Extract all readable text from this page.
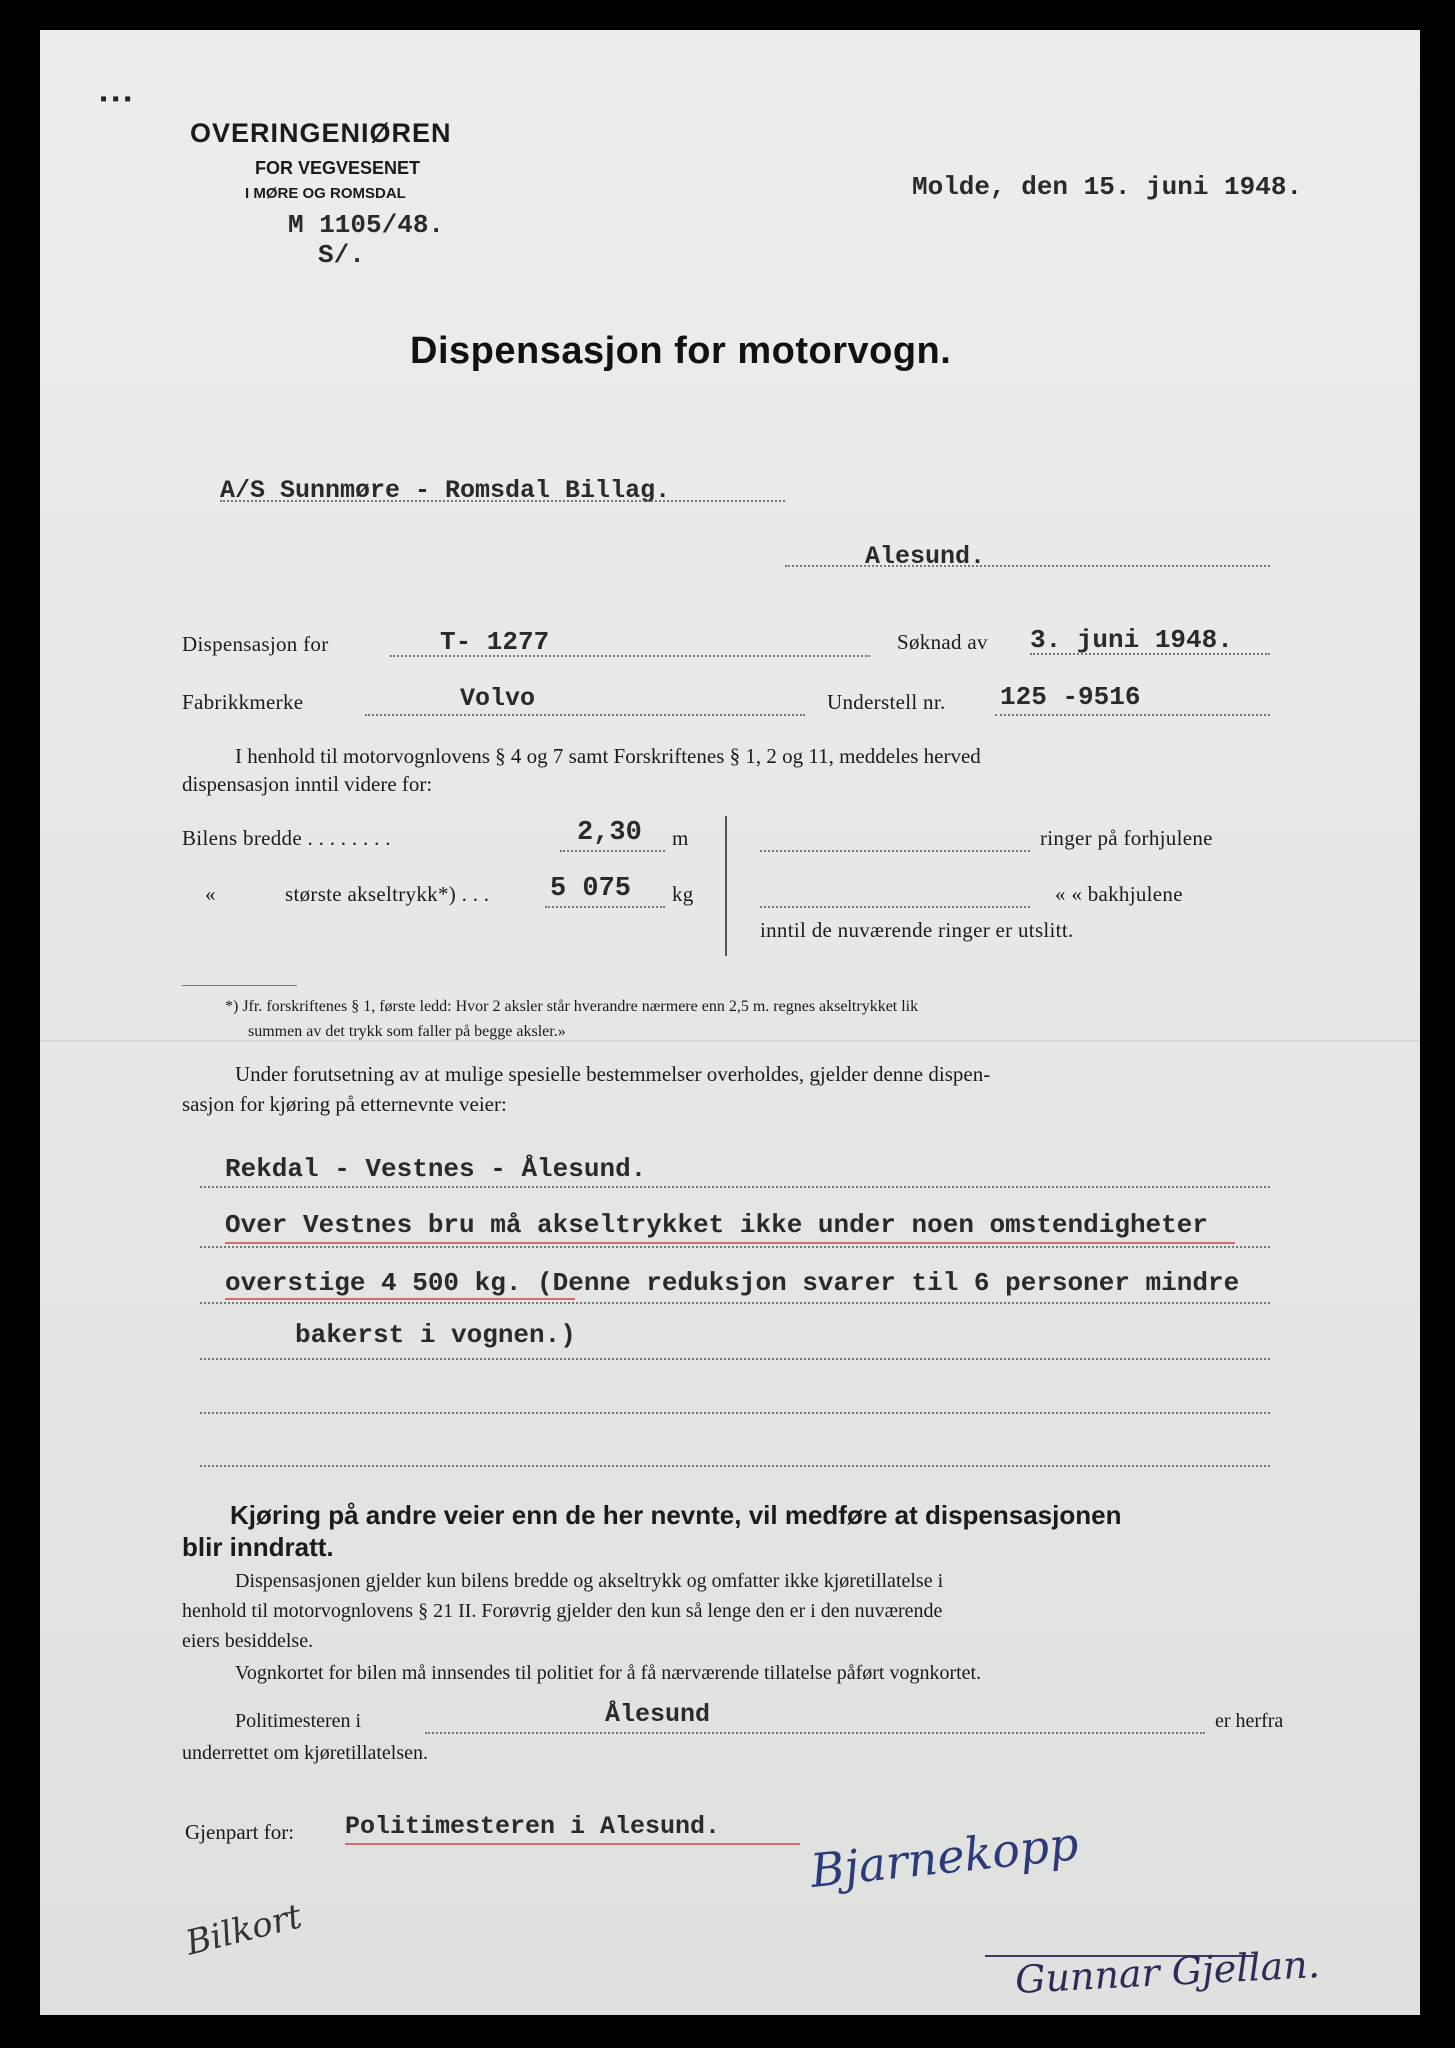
▪ ▪ ▪
OVERINGENIØREN
FOR VEGVESENET
I MØRE OG ROMSDAL
M 1105/48.
S/.
Molde, den 15. juni 1948.
Dispensasjon for motorvogn.
A/S Sunnmøre - Romsdal Billag.
Alesund.
Dispensasjon for	T- 1277	Søknad av 3. juni 1948.
Fabrikkmerke	Volvo	Understell nr. 125 -9516
I henhold til motorvognlovens § 4 og 7 samt Forskriftenes § 1, 2 og 11, meddeles herved
dispensasjon inntil videre for:
Bilens bredde . . . . . . . .	2,30 m
«	største akseltrykk*) . . . 5 075 kg
ringer på forhjulene
« « bakhjulene
inntil de nuværende ringer er utslitt.
*) Jfr. forskriftenes § 1, første ledd: Hvor 2 aksler står hverandre nærmere enn 2,5 m. regnes akseltrykket lik
summen av det trykk som faller på begge aksler.»
Under forutsetning av at mulige spesielle bestemmelser overholdes, gjelder denne dispen-
sasjon for kjøring på etternevnte veier:
Rekdal - Vestnes - Ålesund.
Over Vestnes bru må akseltrykket ikke under noen omstendigheter
overstige 4 500 kg. (Denne reduksjon svarer til 6 personer mindre
bakerst i vognen.)
Kjøring på andre veier enn de her nevnte, vil medføre at dispensasjonen
blir inndratt.
Dispensasjonen gjelder kun bilens bredde og akseltrykk og omfatter ikke kjøretillatelse i
henhold til motorvognlovens § 21 II. Forøvrig gjelder den kun så lenge den er i den nuværende
eiers besiddelse.
Vognkortet for bilen må innsendes til politiet for å få nærværende tillatelse påført vognkortet.
Politimesteren i	Ålesund	er herfra
underrettet om kjøretillatelsen.
Gjenpart for: Politimesteren i Alesund. Bjarnekopp
Bilkort
Gunnar Gjellan.
